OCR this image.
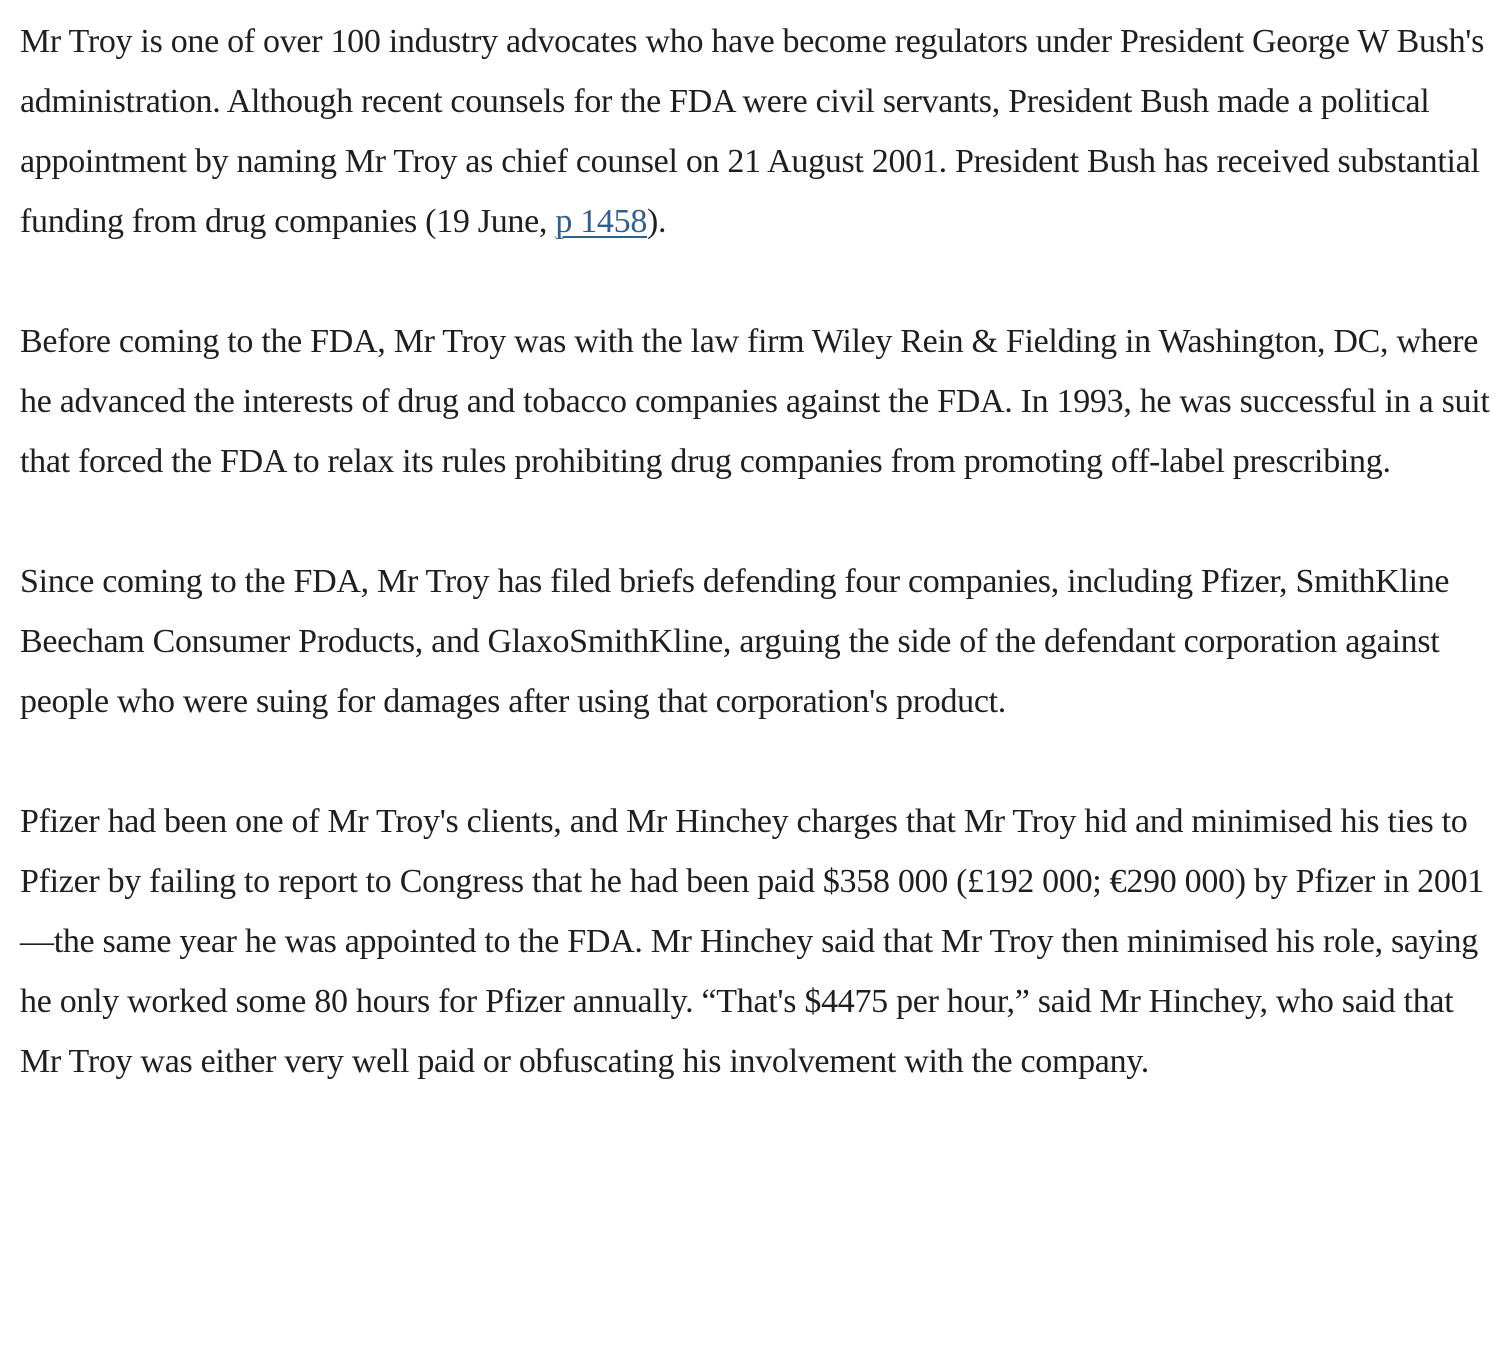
Mr Troy is one of over 100 industry advocates who have become regulators under President George W Bush's administration. Although recent counsels for the FDA were civil servants, President Bush made a political appointment by naming Mr Troy as chief counsel on 21 August 2001. President Bush has received substantial funding from drug companies (19 June, p 1458).

Before coming to the FDA, Mr Troy was with the law firm Wiley Rein & Fielding in Washington, DC, where he advanced the interests of drug and tobacco companies against the FDA. In 1993, he was successful in a suit that forced the FDA to relax its rules prohibiting drug companies from promoting off-label prescribing.

Since coming to the FDA, Mr Troy has filed briefs defending four companies, including Pfizer, SmithKline Beecham Consumer Products, and GlaxoSmithKline, arguing the side of the defendant corporation against people who were suing for damages after using that corporation's product.

Pfizer had been one of Mr Troy's clients, and Mr Hinchey charges that Mr Troy hid and minimised his ties to Pfizer by failing to report to Congress that he had been paid $358 000 (£192 000; €290 000) by Pfizer in 2001—the same year he was appointed to the FDA. Mr Hinchey said that Mr Troy then minimised his role, saying he only worked some 80 hours for Pfizer annually. “That's $4475 per hour,” said Mr Hinchey, who said that Mr Troy was either very well paid or obfuscating his involvement with the company.
